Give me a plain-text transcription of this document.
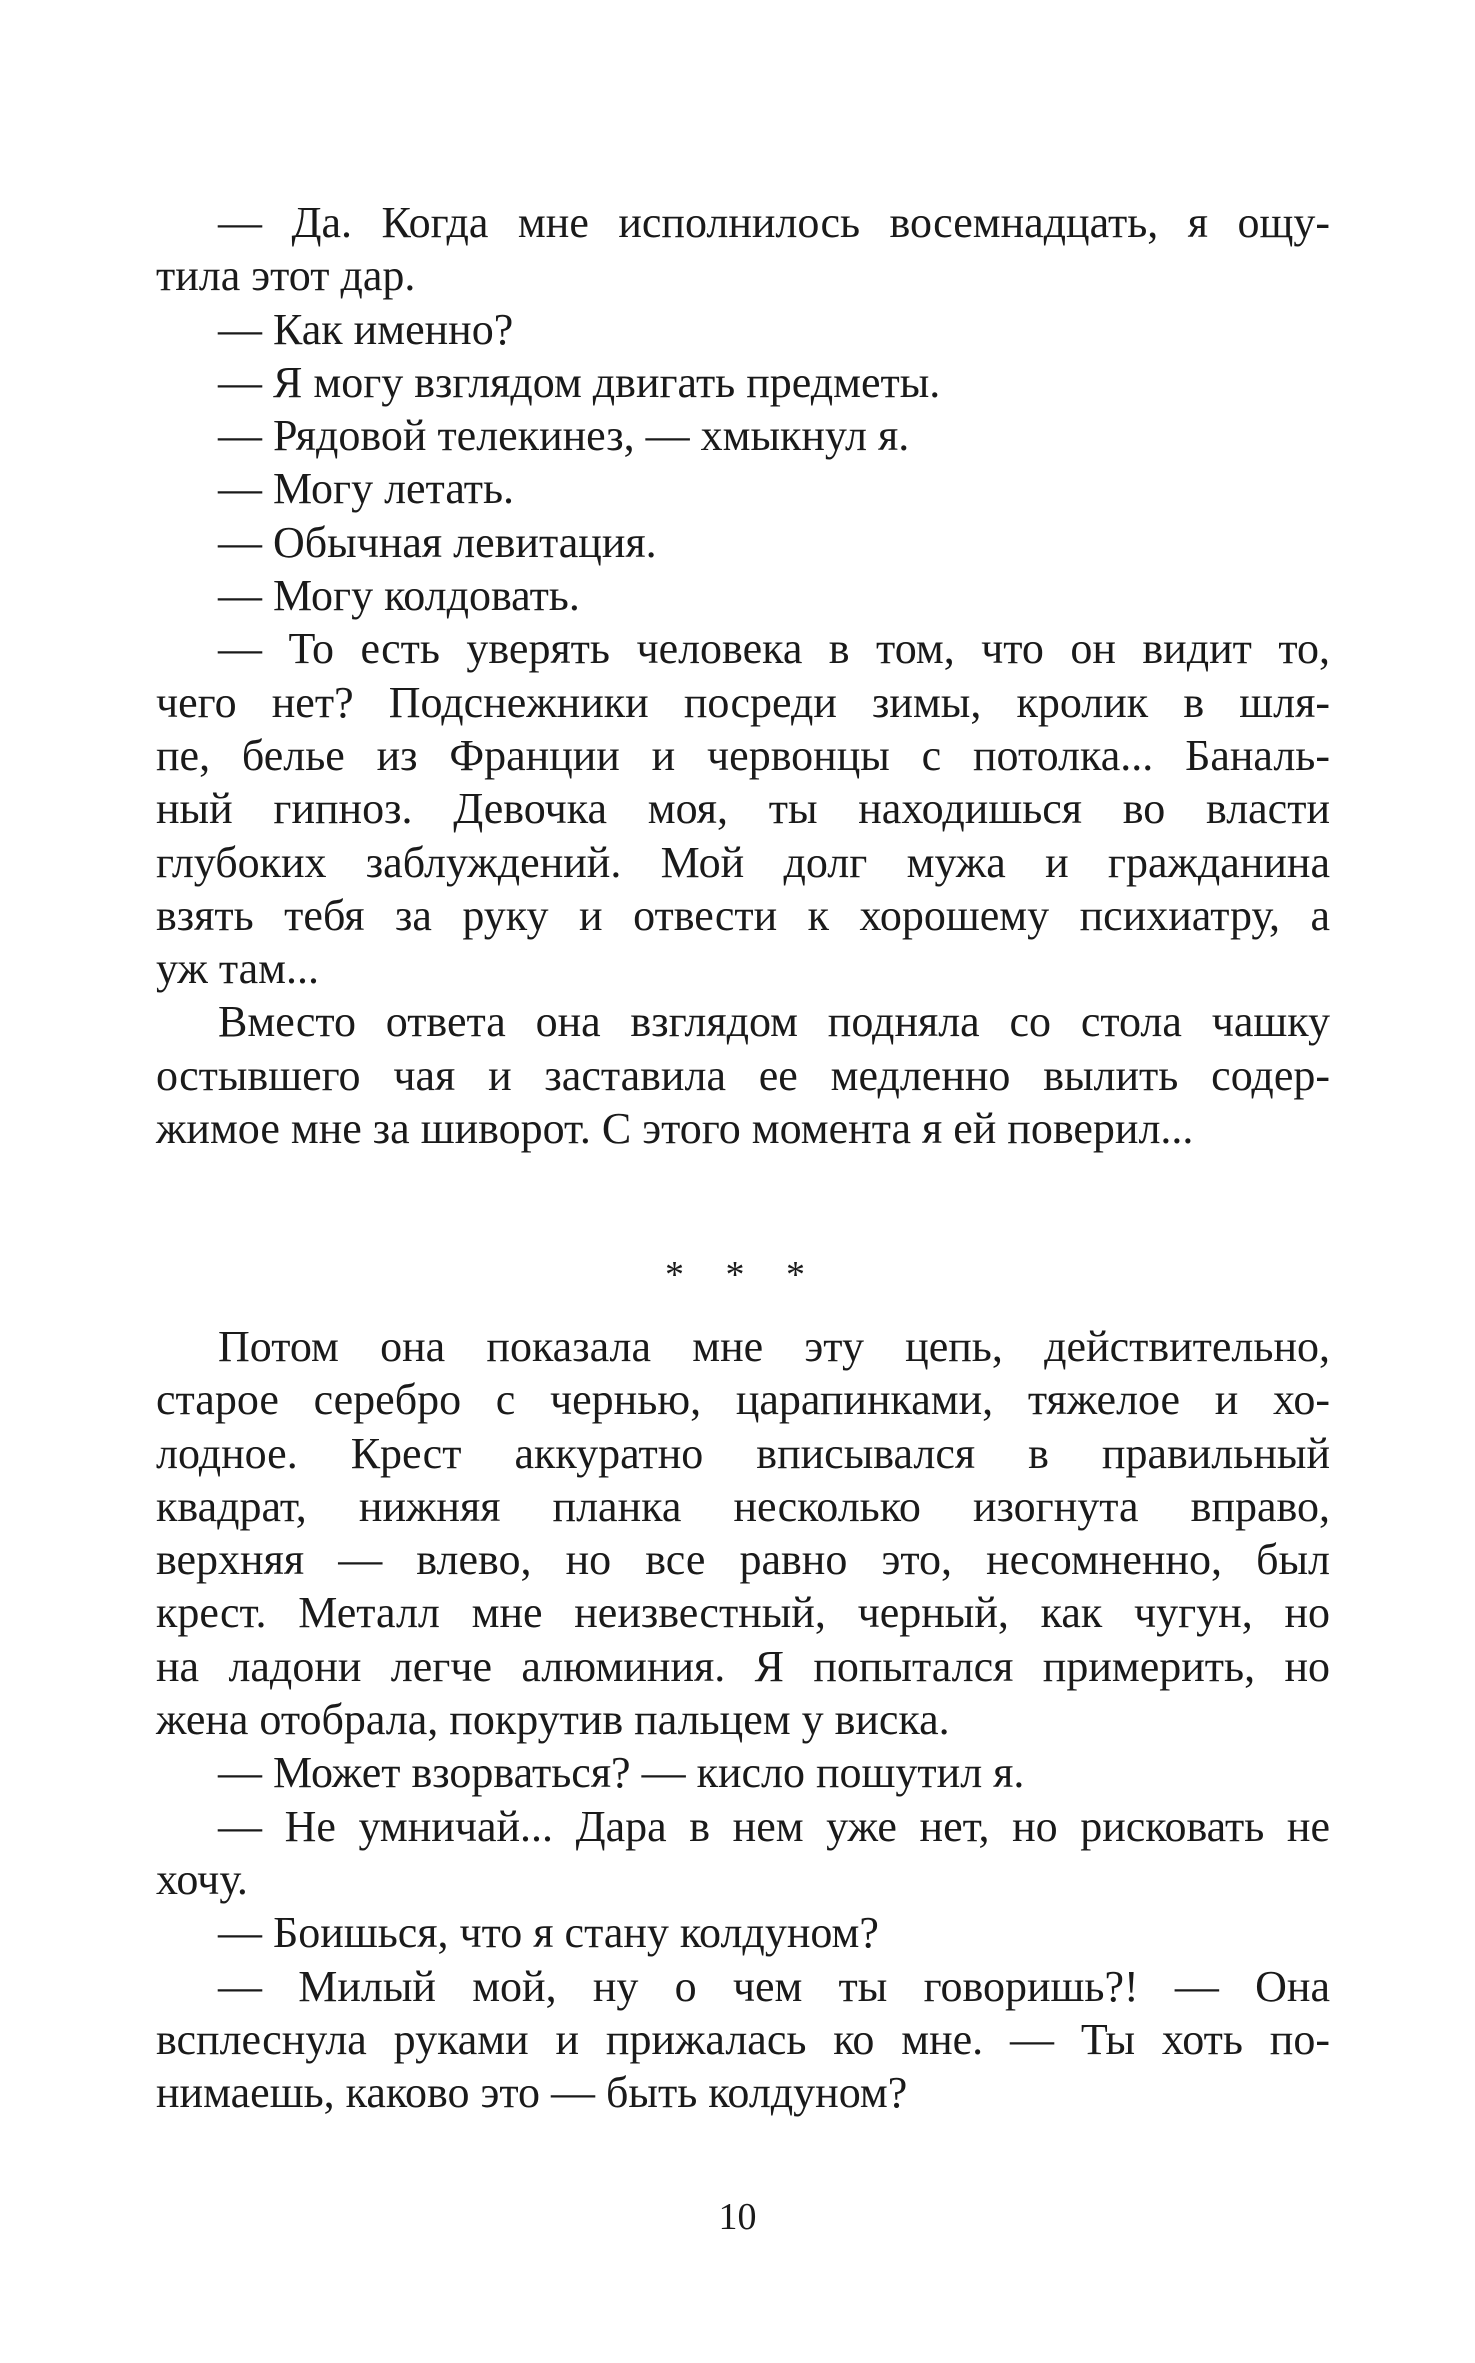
— Да. Когда мне исполнилось восемнадцать, я ощу-
тила этот дар.
— Как именно?
— Я могу взглядом двигать предметы.
— Рядовой телекинез, — хмыкнул я.
— Могу летать.
— Обычная левитация.
— Могу колдовать.
— То есть уверять человека в том, что он видит то,
чего нет? Подснежники посреди зимы, кролик в шля-
пе, белье из Франции и червонцы с потолка... Баналь-
ный гипноз. Девочка моя, ты находишься во власти
глубоких заблуждений. Мой долг мужа и гражданина
взять тебя за руку и отвести к хорошему психиатру, а
уж там...
Вместо ответа она взглядом подняла со стола чашку
остывшего чая и заставила ее медленно вылить содер-
жимое мне за шиворот. С этого момента я ей поверил...
* * *
Потом она показала мне эту цепь, действительно,
старое серебро с чернью, царапинками, тяжелое и хо-
лодное. Крест аккуратно вписывался в правильный
квадрат, нижняя планка несколько изогнута вправо,
верхняя — влево, но все равно это, несомненно, был
крест. Металл мне неизвестный, черный, как чугун, но
на ладони легче алюминия. Я попытался примерить, но
жена отобрала, покрутив пальцем у виска.
— Может взорваться? — кисло пошутил я.
— Не умничай... Дара в нем уже нет, но рисковать не
хочу.
— Боишься, что я стану колдуном?
— Милый мой, ну о чем ты говоришь?! — Она
всплеснула руками и прижалась ко мне. — Ты хоть по-
нимаешь, каково это — быть колдуном?
10
